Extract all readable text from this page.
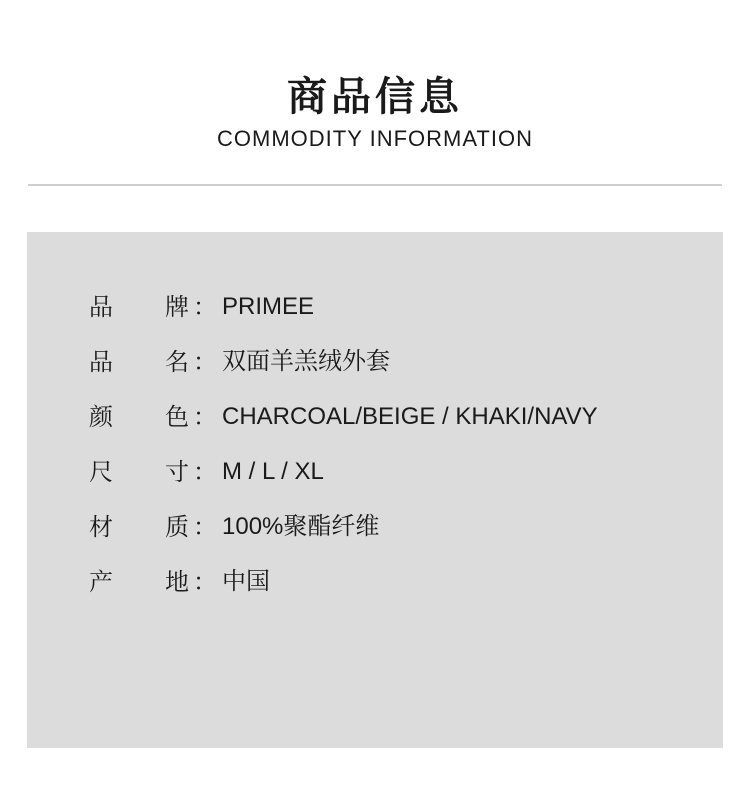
商品信息
COMMODITY INFORMATION
品 牌 ： PRIMEE
品 名 ： 双面羊羔绒外套
颜 色 ： CHARCOAL/BEIGE / KHAKI/NAVY
尺 寸 ： M / L / XL
材 质 ： 100%聚酯纤维
产 地 ： 中国
